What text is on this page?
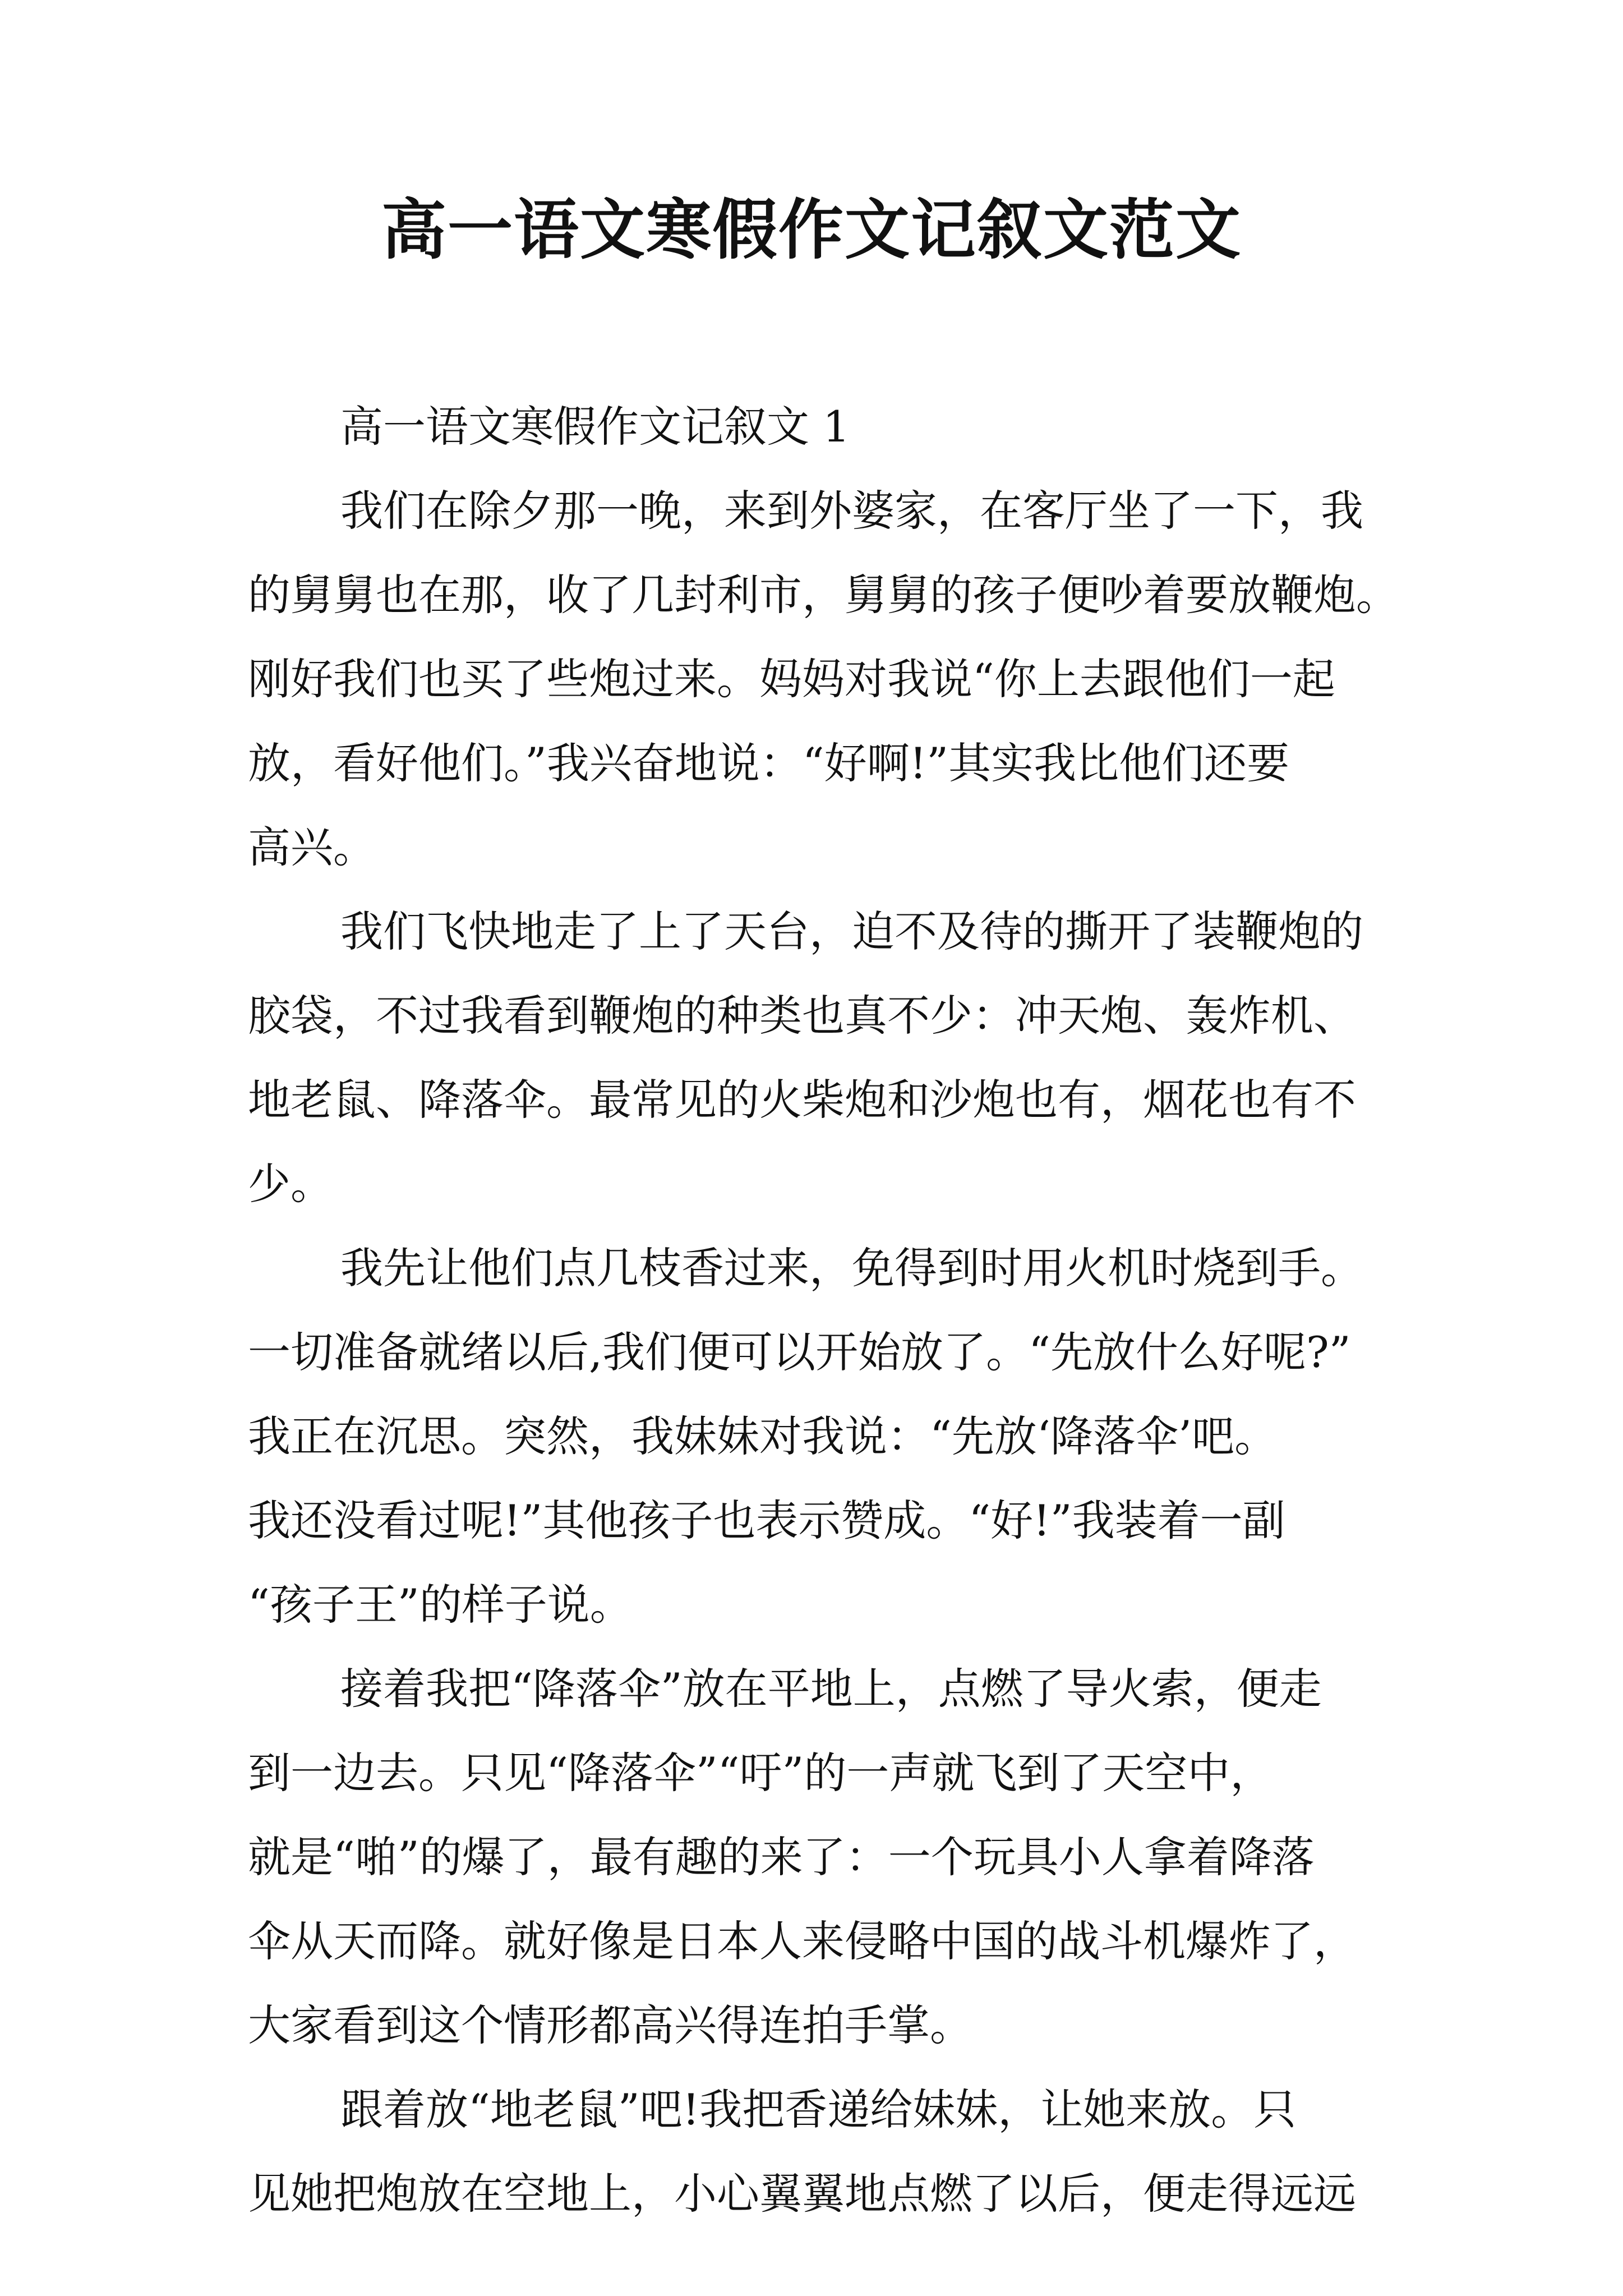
高一语文寒假作文记叙文范文
高一语文寒假作文记叙文 1
我们在除夕那一晚，来到外婆家，在客厅坐了一下，我
的舅舅也在那，收了几封利市，舅舅的孩子便吵着要放鞭炮。
刚好我们也买了些炮过来。妈妈对我说“你上去跟他们一起
放，看好他们。”我兴奋地说：“好啊!”其实我比他们还要
高兴。
我们飞快地走了上了天台，迫不及待的撕开了装鞭炮的
胶袋，不过我看到鞭炮的种类也真不少：冲天炮、轰炸机、
地老鼠、降落伞。最常见的火柴炮和沙炮也有，烟花也有不
少。
我先让他们点几枝香过来，免得到时用火机时烧到手。
一切准备就绪以后,我们便可以开始放了。“先放什么好呢?”
我正在沉思。突然，我妹妹对我说：“先放‘降落伞’吧。
我还没看过呢!”其他孩子也表示赞成。“好!”我装着一副
“孩子王”的样子说。
接着我把“降落伞”放在平地上，点燃了导火索，便走
到一边去。只见“降落伞”“吁”的一声就飞到了天空中，
就是“啪”的爆了，最有趣的来了：一个玩具小人拿着降落
伞从天而降。就好像是日本人来侵略中国的战斗机爆炸了，
大家看到这个情形都高兴得连拍手掌。
跟着放“地老鼠”吧!我把香递给妹妹，让她来放。只
见她把炮放在空地上，小心翼翼地点燃了以后，便走得远远
